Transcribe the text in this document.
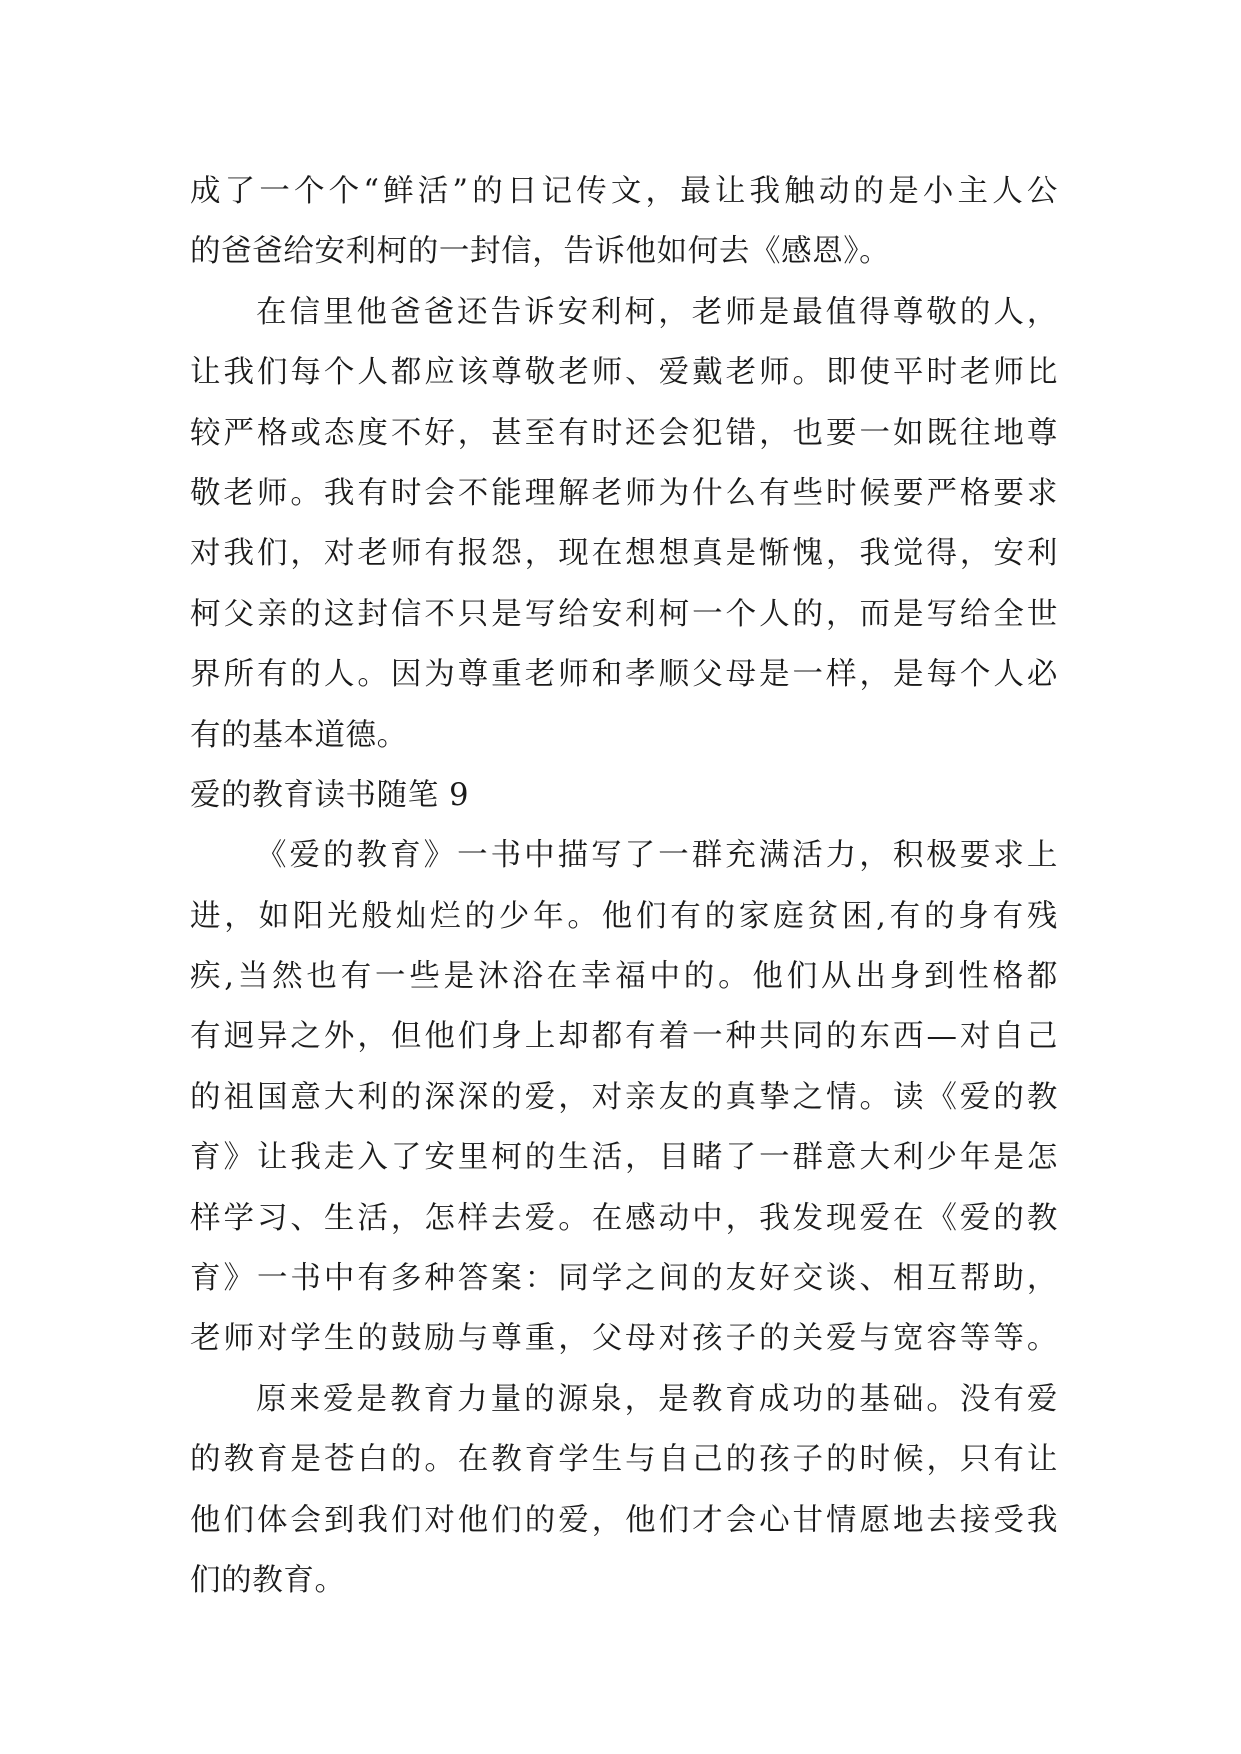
成了一个个“鲜活”的日记传文，最让我触动的是小主人公
的爸爸给安利柯的一封信，告诉他如何去《感恩》。
在信里他爸爸还告诉安利柯，老师是最值得尊敬的人，
让我们每个人都应该尊敬老师、爱戴老师。即使平时老师比
较严格或态度不好，甚至有时还会犯错，也要一如既往地尊
敬老师。我有时会不能理解老师为什么有些时候要严格要求
对我们，对老师有报怨，现在想想真是惭愧，我觉得，安利
柯父亲的这封信不只是写给安利柯一个人的，而是写给全世
界所有的人。因为尊重老师和孝顺父母是一样，是每个人必
有的基本道德。
爱的教育读书随笔 9
《爱的教育》一书中描写了一群充满活力，积极要求上
进，如阳光般灿烂的少年。他们有的家庭贫困,有的身有残
疾,当然也有一些是沐浴在幸福中的。他们从出身到性格都
有迥异之外，但他们身上却都有着一种共同的东西—对自己
的祖国意大利的深深的爱，对亲友的真挚之情。读《爱的教
育》让我走入了安里柯的生活，目睹了一群意大利少年是怎
样学习、生活，怎样去爱。在感动中，我发现爱在《爱的教
育》一书中有多种答案：同学之间的友好交谈、相互帮助，
老师对学生的鼓励与尊重，父母对孩子的关爱与宽容等等。
原来爱是教育力量的源泉，是教育成功的基础。没有爱
的教育是苍白的。在教育学生与自己的孩子的时候，只有让
他们体会到我们对他们的爱，他们才会心甘情愿地去接受我
们的教育。
